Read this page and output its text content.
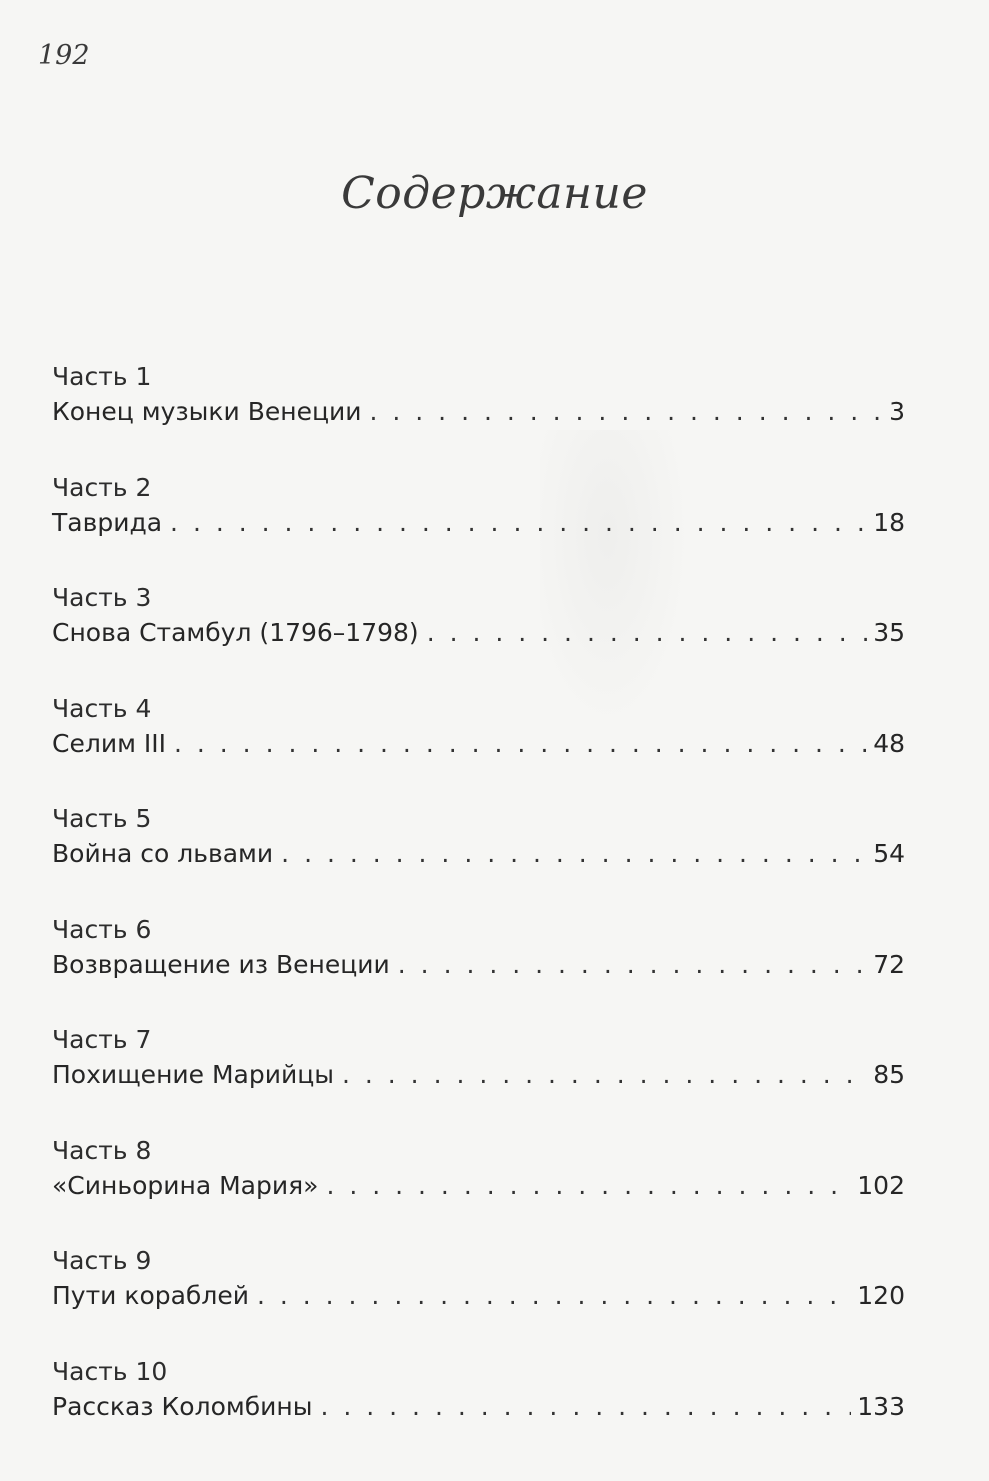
192
Содержание
Часть 1
Конец музыки Венеции . . .	3
Часть 2
Таврида . . .	18
Часть 3
Снова Стамбул (1796–1798) . . .	35
Часть 4
Селим III . . .	48
Часть 5
Война со львами . . .	54
Часть 6
Возвращение из Венеции . . .	72
Часть 7
Похищение Марийцы . . .	85
Часть 8
«Синьорина Мария» . . .	102
Часть 9
Пути кораблей . . .	120
Часть 10
Рассказ Коломбины . . .	133
